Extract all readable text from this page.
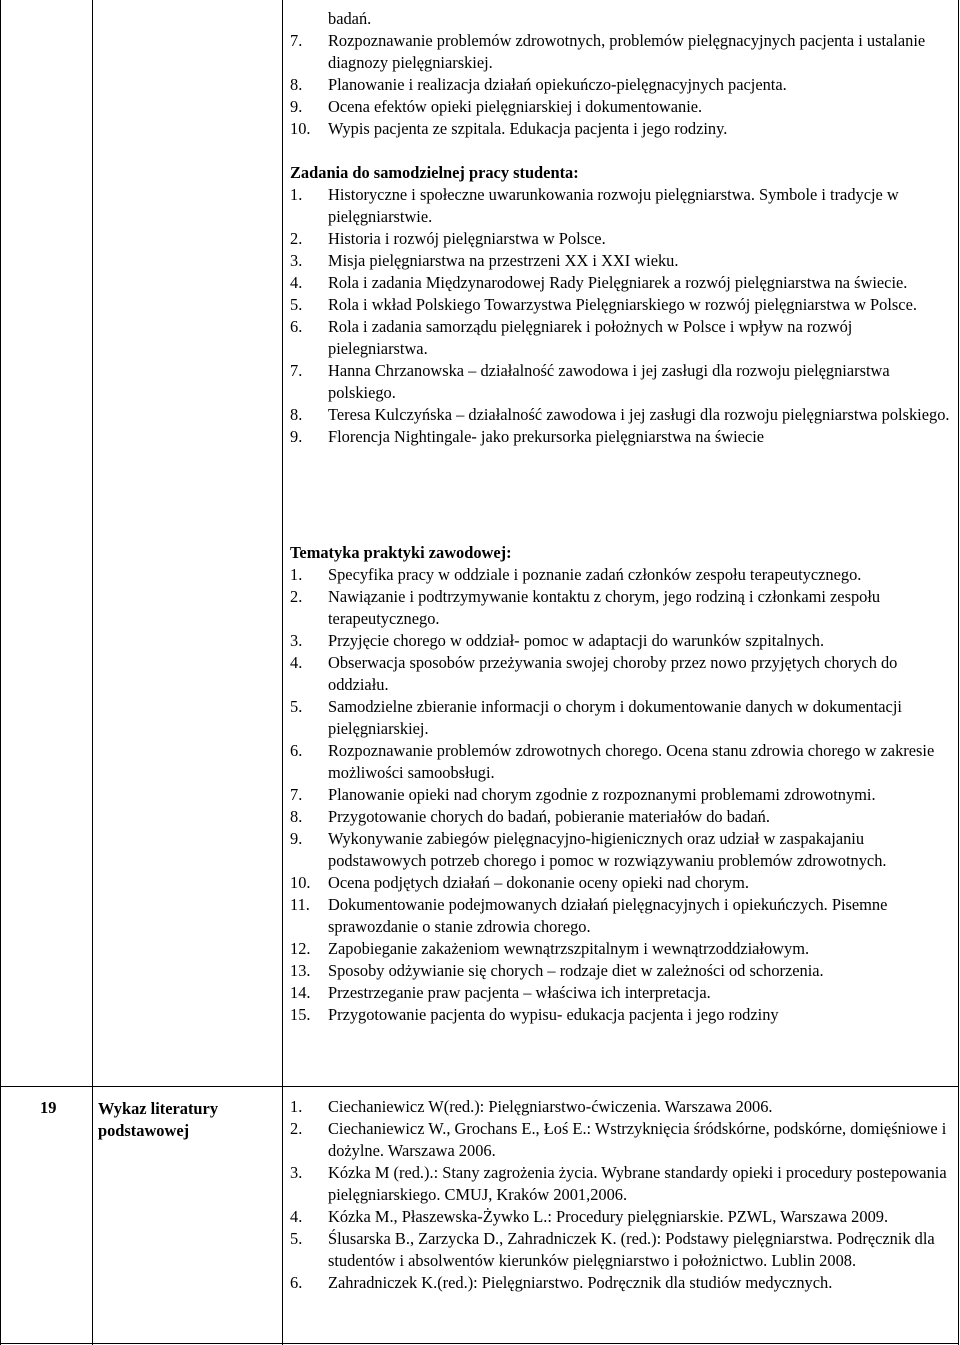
19	Wykaz literatury podstawowej
badań.
7. Rozpoznawanie problemów zdrowotnych, problemów pielęgnacyjnych pacjenta i ustalanie diagnozy pielęgniarskiej.
8. Planowanie i realizacja działań opiekuńczo-pielęgnacyjnych pacjenta.
9. Ocena efektów opieki pielęgniarskiej i dokumentowanie.
10. Wypis pacjenta ze szpitala. Edukacja pacjenta i jego rodziny.

Zadania do samodzielnej pracy studenta:

1. Historyczne i społeczne uwarunkowania rozwoju pielęgniarstwa. Symbole i tradycje w pielęgniarstwie.
2. Historia i rozwój pielęgniarstwa w Polsce.
3. Misja pielęgniarstwa na przestrzeni XX i XXI wieku.
4. Rola i zadania Międzynarodowej Rady Pielęgniarek a rozwój pielęgniarstwa na świecie.
5. Rola i wkład Polskiego Towarzystwa Pielęgniarskiego w rozwój pielęgniarstwa w Polsce.
6. Rola i zadania samorządu pielęgniarek i położnych w Polsce i wpływ na rozwój pielegniarstwa.
7. Hanna Chrzanowska – działalność zawodowa i jej zasługi dla rozwoju pielęgniarstwa polskiego.
8. Teresa Kulczyńska – działalność zawodowa i jej zasługi dla rozwoju pielęgniarstwa polskiego.
9. Florencja Nightingale- jako prekursorka pielęgniarstwa na świecie

Tematyka praktyki zawodowej:

1. Specyfika pracy w oddziale i poznanie zadań członków zespołu terapeutycznego.
2. Nawiązanie i podtrzymywanie kontaktu z chorym, jego rodziną i członkami zespołu terapeutycznego.
3. Przyjęcie chorego w oddział- pomoc w adaptacji do warunków szpitalnych.
4. Obserwacja sposobów przeżywania swojej choroby przez nowo przyjętych chorych do oddziału.
5. Samodzielne zbieranie informacji o chorym i dokumentowanie danych w dokumentacji pielęgniarskiej.
6. Rozpoznawanie problemów zdrowotnych chorego. Ocena stanu zdrowia chorego w zakresie możliwości samoobsługi.
7. Planowanie opieki nad chorym zgodnie z rozpoznanymi problemami zdrowotnymi.
8. Przygotowanie chorych do badań, pobieranie materiałów do badań.
9. Wykonywanie zabiegów pielęgnacyjno-higienicznych oraz udział w zaspakajaniu podstawowych potrzeb chorego i pomoc w rozwiązywaniu problemów zdrowotnych.
10. Ocena podjętych działań – dokonanie oceny opieki nad chorym.
11. Dokumentowanie podejmowanych działań pielęgnacyjnych i opiekuńczych. Pisemne sprawozdanie o stanie zdrowia chorego.
12. Zapobieganie zakażeniom wewnątrzszpitalnym i wewnątrzoddziałowym.
13. Sposoby odżywianie się chorych – rodzaje diet w zależności od schorzenia.
14. Przestrzeganie praw pacjenta – właściwa ich interpretacja.
15. Przygotowanie pacjenta do wypisu- edukacja pacjenta i jego rodziny
1. Ciechaniewicz W(red.): Pielęgniarstwo-ćwiczenia. Warszawa 2006.
2. Ciechaniewicz W., Grochans E., Łoś E.: Wstrzyknięcia śródskórne, podskórne, domięśniowe i dożylne. Warszawa 2006.
3. Kózka M (red.).: Stany zagrożenia życia. Wybrane standardy opieki i procedury postepowania pielęgniarskiego. CMUJ, Kraków 2001,2006.
4. Kózka M., Płaszewska-Żywko L.: Procedury pielęgniarskie. PZWL, Warszawa 2009.
5. Ślusarska B., Zarzycka D., Zahradniczek K. (red.): Podstawy pielęgniarstwa. Podręcznik dla studentów i absolwentów kierunków pielęgniarstwo i położnictwo. Lublin 2008.
6. Zahradniczek K.(red.): Pielęgniarstwo. Podręcznik dla studiów medycznych.
